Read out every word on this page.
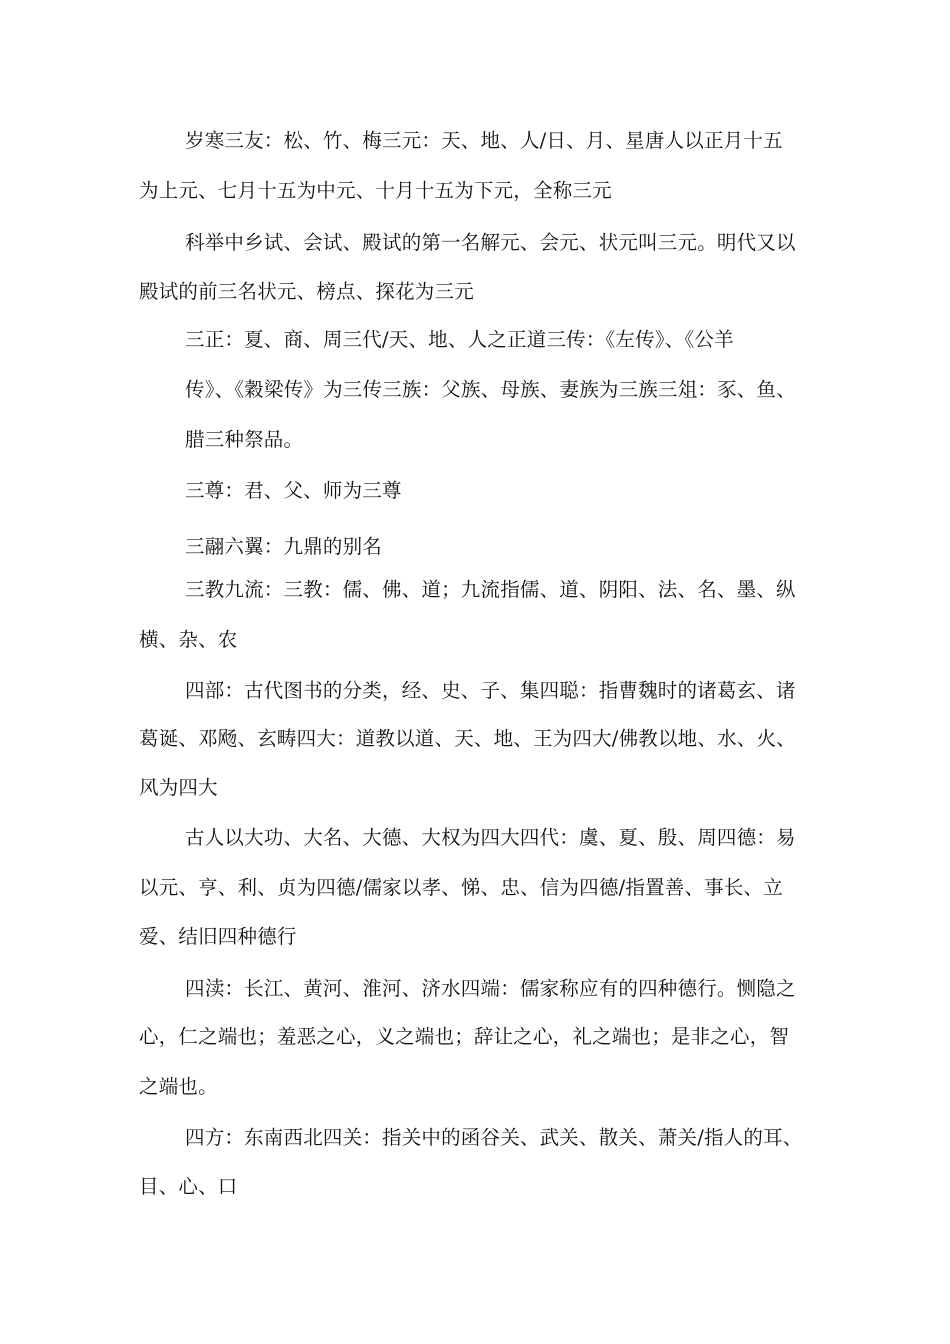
岁寒三友：松、竹、梅三元：天、地、人/日、月、星唐人以正月十五

为上元、七月十五为中元、十月十五为下元，全称三元

科举中乡试、会试、殿试的第一名解元、会元、状元叫三元。明代又以

殿试的前三名状元、榜点、探花为三元

三正：夏、商、周三代/天、地、人之正道三传：《左传》、《公羊

传》、《穀梁传》为三传三族：父族、母族、妻族为三族三俎：豕、鱼、

腊三种祭品。

三尊：君、父、师为三尊

三翮六翼：九鼎的别名

三教九流：三教：儒、佛、道；九流指儒、道、阴阳、法、名、墨、纵

横、杂、农

四部：古代图书的分类，经、史、子、集四聪：指曹魏时的诸葛玄、诸

葛诞、邓飏、玄畴四大：道教以道、天、地、王为四大/佛教以地、水、火、

风为四大

古人以大功、大名、大德、大权为四大四代：虞、夏、殷、周四德：易

以元、亨、利、贞为四德/儒家以孝、悌、忠、信为四德/指置善、事长、立

爱、结旧四种德行

四渎：长江、黄河、淮河、济水四端：儒家称应有的四种德行。恻隐之

心，仁之端也；羞恶之心，义之端也；辞让之心，礼之端也；是非之心，智

之端也。

四方：东南西北四关：指关中的函谷关、武关、散关、萧关/指人的耳、

目、心、口
